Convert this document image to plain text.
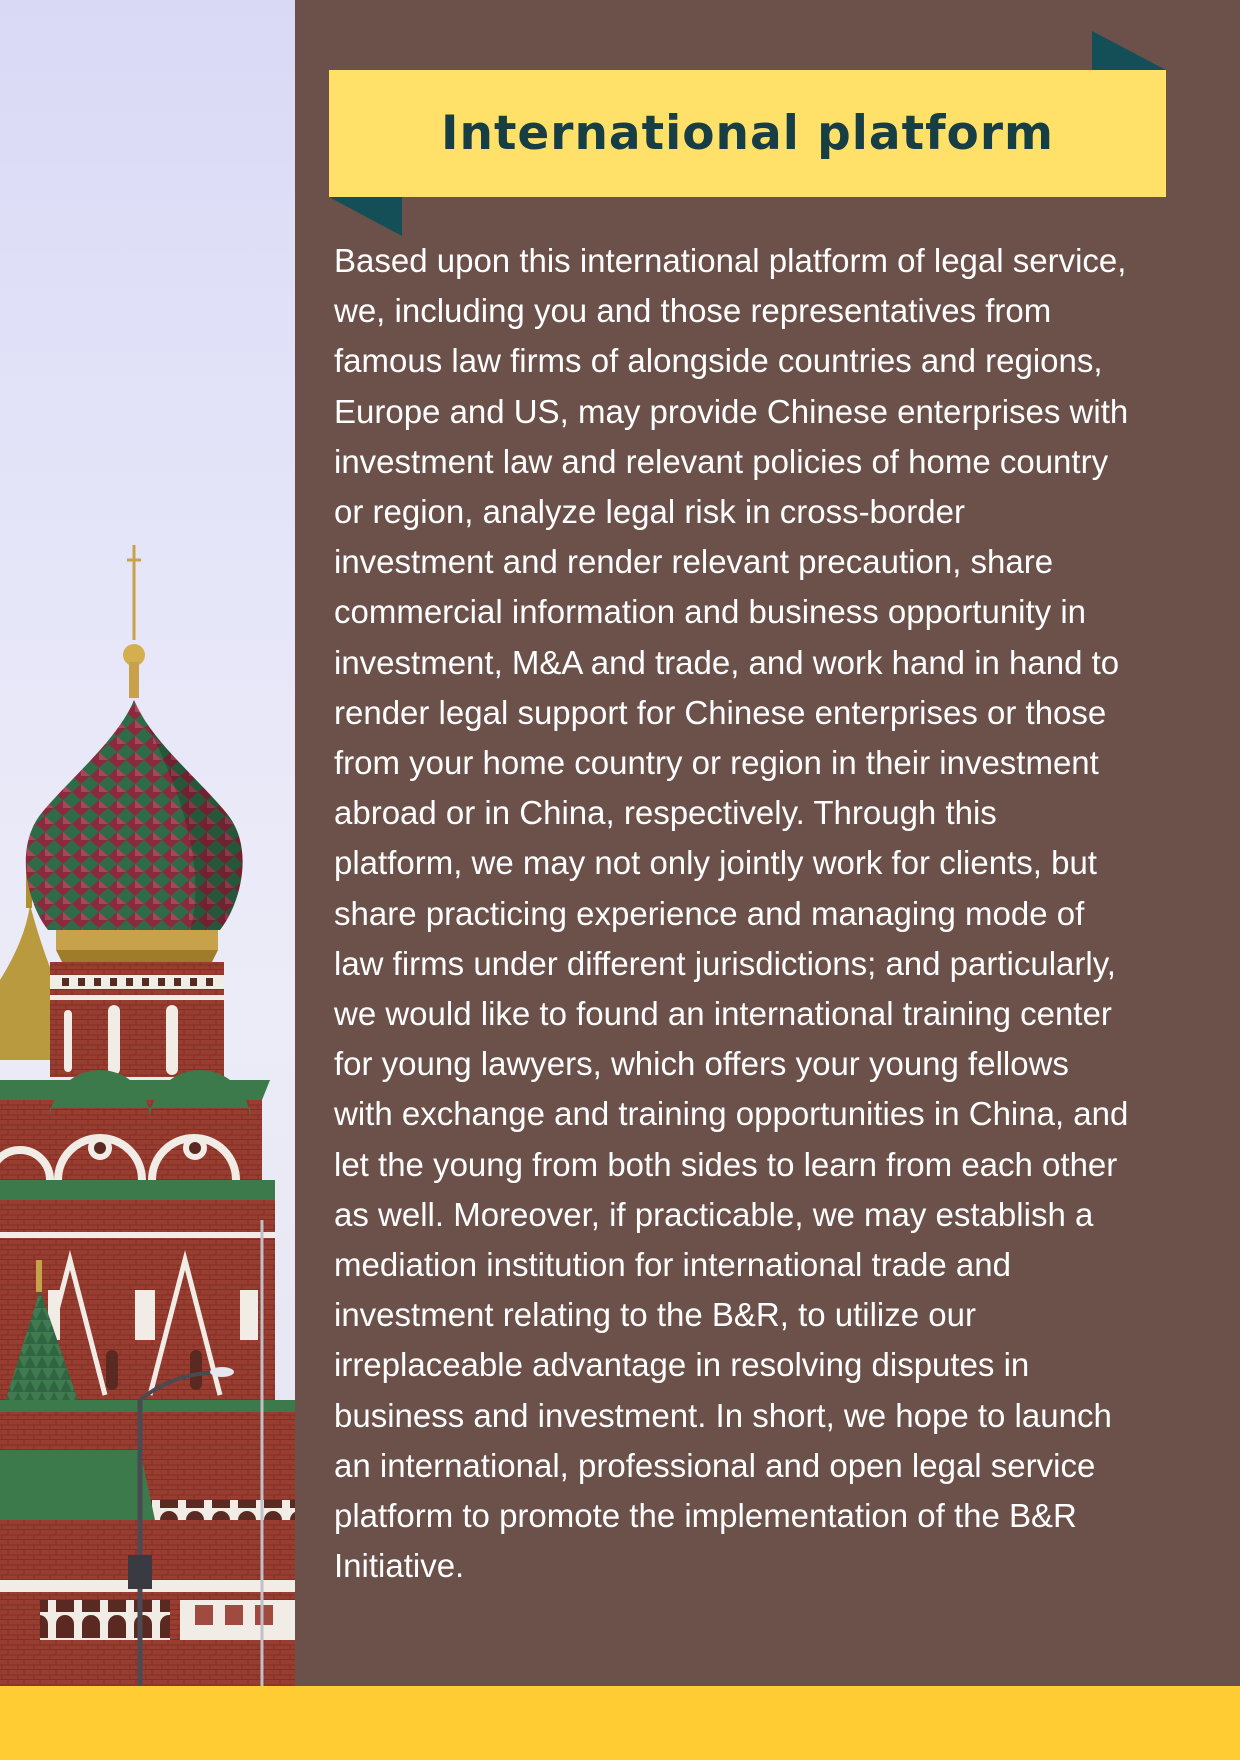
International platform

Based upon this international platform of legal service,
we, including you and those representatives from
famous law firms of alongside countries and regions,
Europe and US, may provide Chinese enterprises with
investment law and relevant policies of home country
or region, analyze legal risk in cross-border
investment and render relevant precaution, share
commercial information and business opportunity in
investment, M&A and trade, and work hand in hand to
render legal support for Chinese enterprises or those
from your home country or region in their investment
abroad or in China, respectively. Through this
platform, we may not only jointly work for clients, but
share practicing experience and managing mode of
law firms under different jurisdictions; and particularly,
we would like to found an international training center
for young lawyers, which offers your young fellows
with exchange and training opportunities in China, and
let the young from both sides to learn from each other
as well. Moreover, if practicable, we may establish a
mediation institution for international trade and
investment relating to the B&R, to utilize our
irreplaceable advantage in resolving disputes in
business and investment. In short, we hope to launch
an international, professional and open legal service
platform to promote the implementation of the B&R
Initiative.
